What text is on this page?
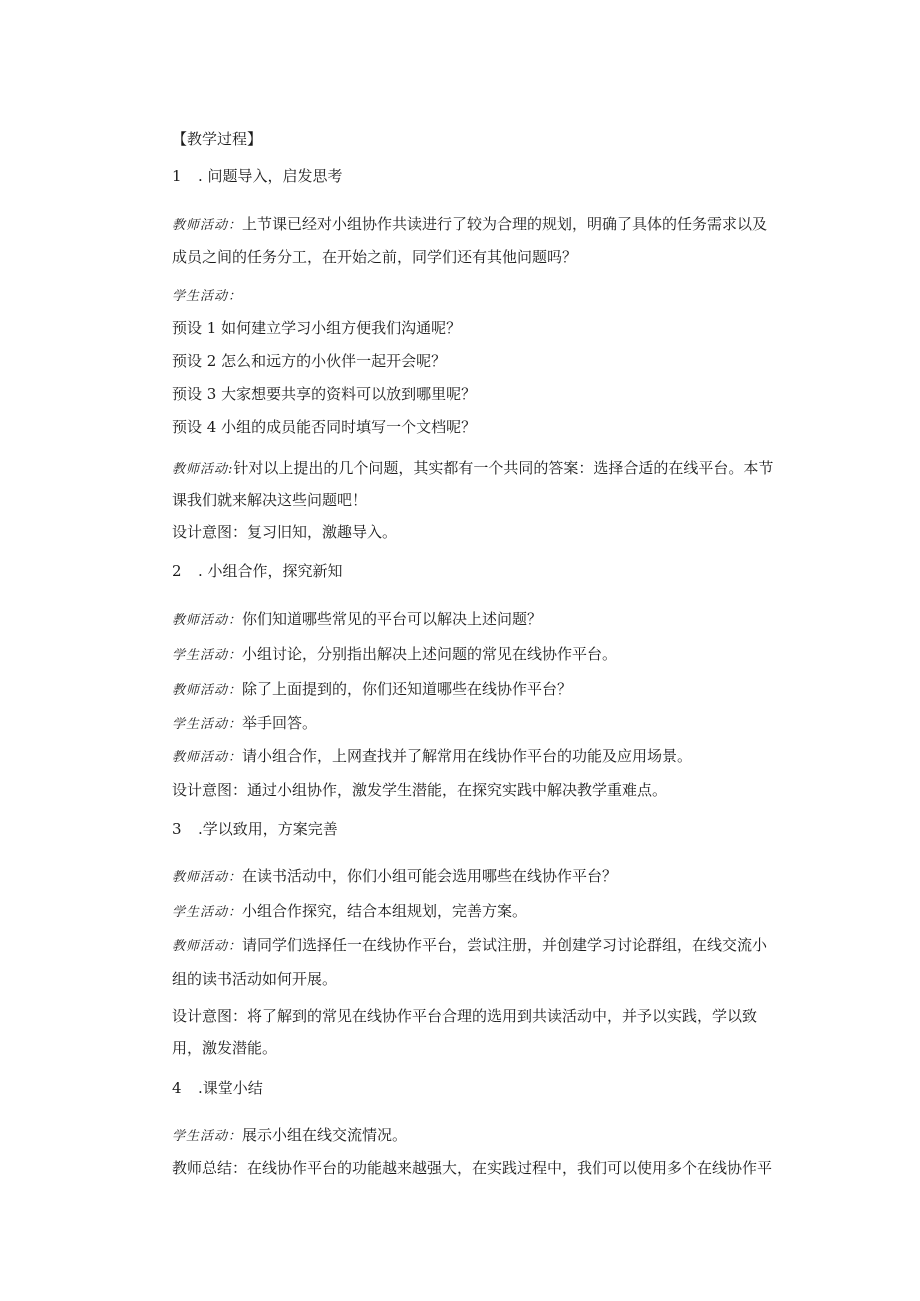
【教学过程】
1 . 问题导入，启发思考
教师活动：上节课已经对小组协作共读进行了较为合理的规划，明确了具体的任务需求以及
成员之间的任务分工，在开始之前，同学们还有其他问题吗？
学生活动：
预设 1 如何建立学习小组方便我们沟通呢？
预设 2 怎么和远方的小伙伴一起开会呢？
预设 3 大家想要共享的资料可以放到哪里呢？
预设 4 小组的成员能否同时填写一个文档呢？
教师活动:针对以上提出的几个问题，其实都有一个共同的答案：选择合适的在线平台。本节
课我们就来解决这些问题吧！
设计意图：复习旧知，激趣导入。
2 . 小组合作，探究新知
教师活动：你们知道哪些常见的平台可以解决上述问题？
学生活动：小组讨论，分别指出解决上述问题的常见在线协作平台。
教师活动：除了上面提到的，你们还知道哪些在线协作平台？
学生活动：举手回答。
教师活动：请小组合作，上网查找并了解常用在线协作平台的功能及应用场景。
设计意图：通过小组协作，激发学生潜能，在探究实践中解决教学重难点。
3 .学以致用，方案完善
教师活动：在读书活动中，你们小组可能会选用哪些在线协作平台？
学生活动：小组合作探究，结合本组规划，完善方案。
教师活动：请同学们选择任一在线协作平台，尝试注册，并创建学习讨论群组，在线交流小
组的读书活动如何开展。
设计意图：将了解到的常见在线协作平台合理的选用到共读活动中，并予以实践，学以致
用，激发潜能。
4 .课堂小结
学生活动：展示小组在线交流情况。
教师总结：在线协作平台的功能越来越强大，在实践过程中，我们可以使用多个在线协作平
